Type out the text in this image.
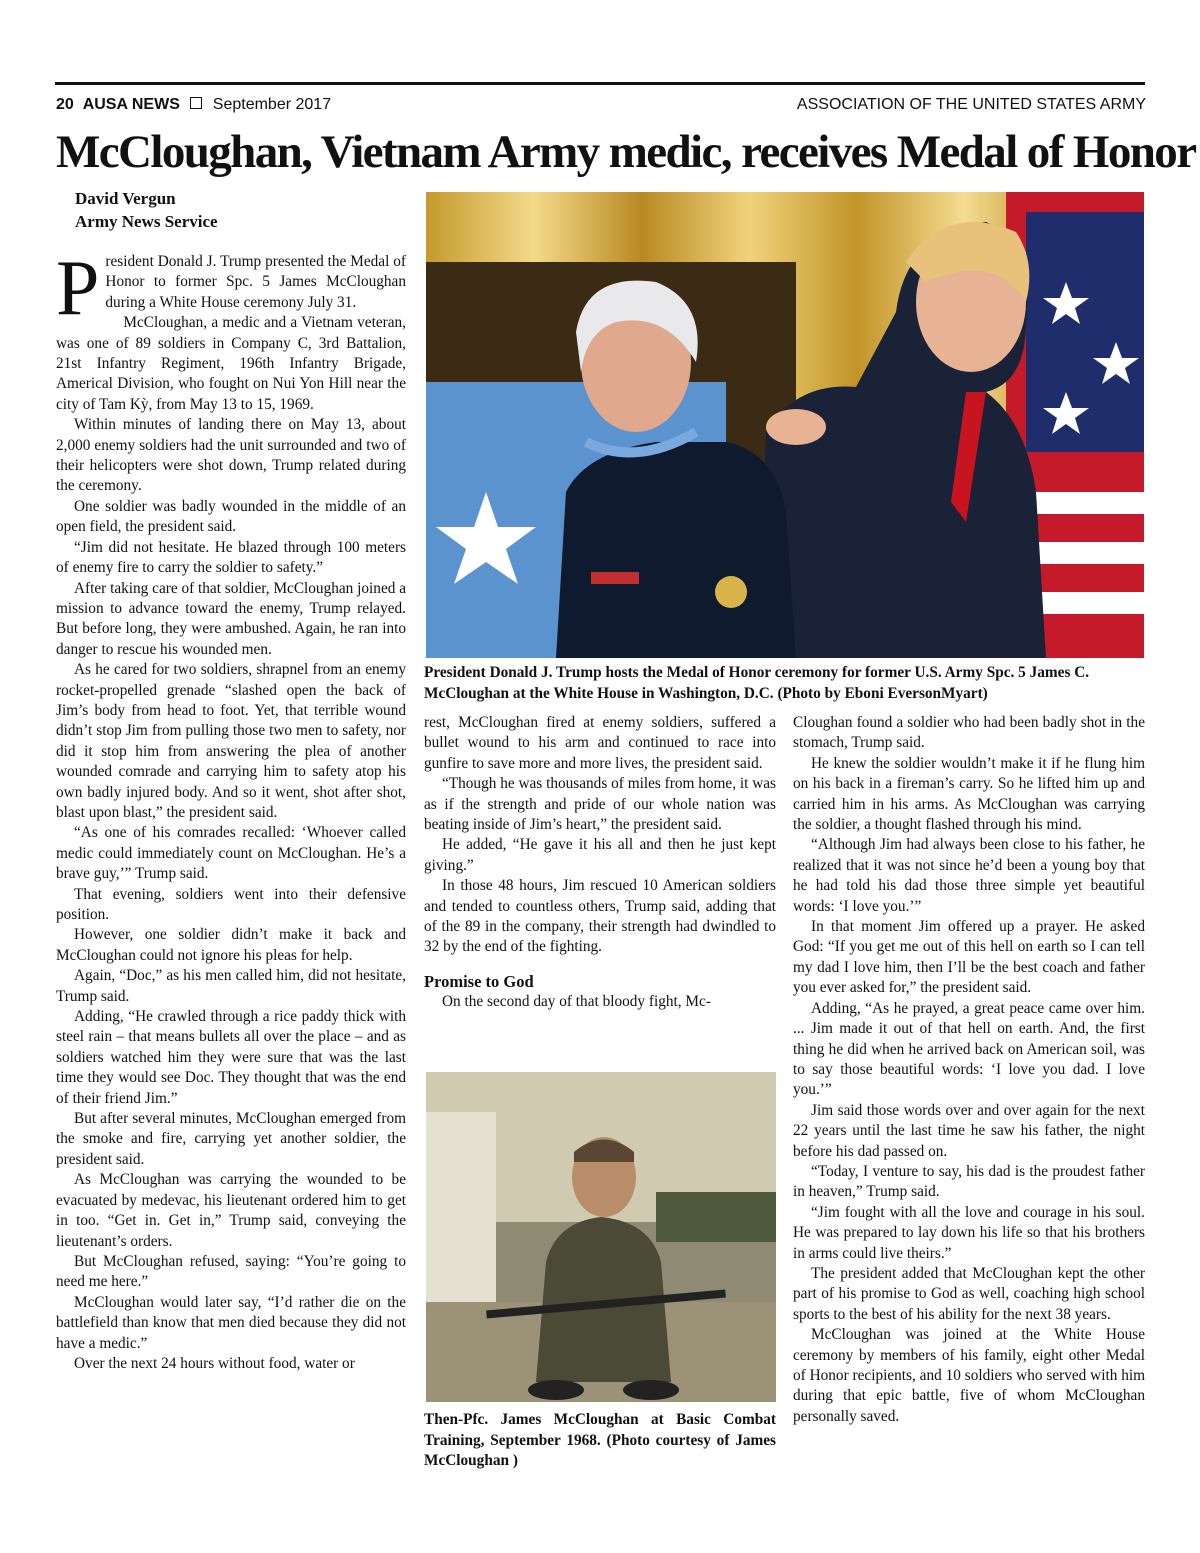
20 AUSA NEWS September 2017	ASSOCIATION OF THE UNITED STATES ARMY
McCloughan, Vietnam Army medic, receives Medal of Honor
David Vergun
Army News Service

President Donald J. Trump presented the Medal of Honor to former Spc. 5 James McCloughan during a White House ceremony July 31.

McCloughan, a medic and a Vietnam veteran, was one of 89 soldiers in Company C, 3rd Battalion, 21st Infantry Regiment, 196th Infantry Brigade, Americal Division, who fought on Nui Yon Hill near the city of Tam Kỳ, from May 13 to 15, 1969.

Within minutes of landing there on May 13, about 2,000 enemy soldiers had the unit surrounded and two of their helicopters were shot down, Trump related during the ceremony.

One soldier was badly wounded in the middle of an open field, the president said.

“Jim did not hesitate. He blazed through 100 meters of enemy fire to carry the soldier to safety.”

After taking care of that soldier, McCloughan joined a mission to advance toward the enemy, Trump relayed. But before long, they were ambushed. Again, he ran into danger to rescue his wounded men.

As he cared for two soldiers, shrapnel from an enemy rocket-propelled grenade “slashed open the back of Jim’s body from head to foot. Yet, that terrible wound didn’t stop Jim from pulling those two men to safety, nor did it stop him from answering the plea of another wounded comrade and carrying him to safety atop his own badly injured body. And so it went, shot after shot, blast upon blast,” the president said.

“As one of his comrades recalled: ‘Whoever called medic could immediately count on McCloughan. He’s a brave guy,’” Trump said.

That evening, soldiers went into their defensive position.

However, one soldier didn’t make it back and McCloughan could not ignore his pleas for help.

Again, “Doc,” as his men called him, did not hesitate, Trump said.

Adding, “He crawled through a rice paddy thick with steel rain – that means bullets all over the place – and as soldiers watched him they were sure that was the last time they would see Doc. They thought that was the end of their friend Jim.”

But after several minutes, McCloughan emerged from the smoke and fire, carrying yet another soldier, the president said.

As McCloughan was carrying the wounded to be evacuated by medevac, his lieutenant ordered him to get in too. “Get in. Get in,” Trump said, conveying the lieutenant’s orders.

But McCloughan refused, saying: “You’re going to need me here.”

McCloughan would later say, “I’d rather die on the battlefield than know that men died because they did not have a medic.”

Over the next 24 hours without food, water or

President Donald J. Trump hosts the Medal of Honor ceremony for former U.S. Army Spc. 5 James C. McCloughan at the White House in Washington, D.C. (Photo by Eboni EversonMyart)

rest, McCloughan fired at enemy soldiers, suffered a bullet wound to his arm and continued to race into gunfire to save more and more lives, the president said.

“Though he was thousands of miles from home, it was as if the strength and pride of our whole nation was beating inside of Jim’s heart,” the president said.

He added, “He gave it his all and then he just kept giving.”

In those 48 hours, Jim rescued 10 American soldiers and tended to countless others, Trump said, adding that of the 89 in the company, their strength had dwindled to 32 by the end of the fighting.

Promise to God

On the second day of that bloody fight, Mc-

Then-Pfc. James McCloughan at Basic Combat Training, September 1968. (Photo courtesy of James McCloughan )

Cloughan found a soldier who had been badly shot in the stomach, Trump said.

He knew the soldier wouldn’t make it if he flung him on his back in a fireman’s carry. So he lifted him up and carried him in his arms. As McCloughan was carrying the soldier, a thought flashed through his mind.

“Although Jim had always been close to his father, he realized that it was not since he’d been a young boy that he had told his dad those three simple yet beautiful words: ‘I love you.’”

In that moment Jim offered up a prayer. He asked God: “If you get me out of this hell on earth so I can tell my dad I love him, then I’ll be the best coach and father you ever asked for,” the president said.

Adding, “As he prayed, a great peace came over him. ... Jim made it out of that hell on earth. And, the first thing he did when he arrived back on American soil, was to say those beautiful words: ‘I love you dad. I love you.’”

Jim said those words over and over again for the next 22 years until the last time he saw his father, the night before his dad passed on.

“Today, I venture to say, his dad is the proudest father in heaven,” Trump said.

“Jim fought with all the love and courage in his soul. He was prepared to lay down his life so that his brothers in arms could live theirs.”

The president added that McCloughan kept the other part of his promise to God as well, coaching high school sports to the best of his ability for the next 38 years.

McCloughan was joined at the White House ceremony by members of his family, eight other Medal of Honor recipients, and 10 soldiers who served with him during that epic battle, five of whom McCloughan personally saved.
